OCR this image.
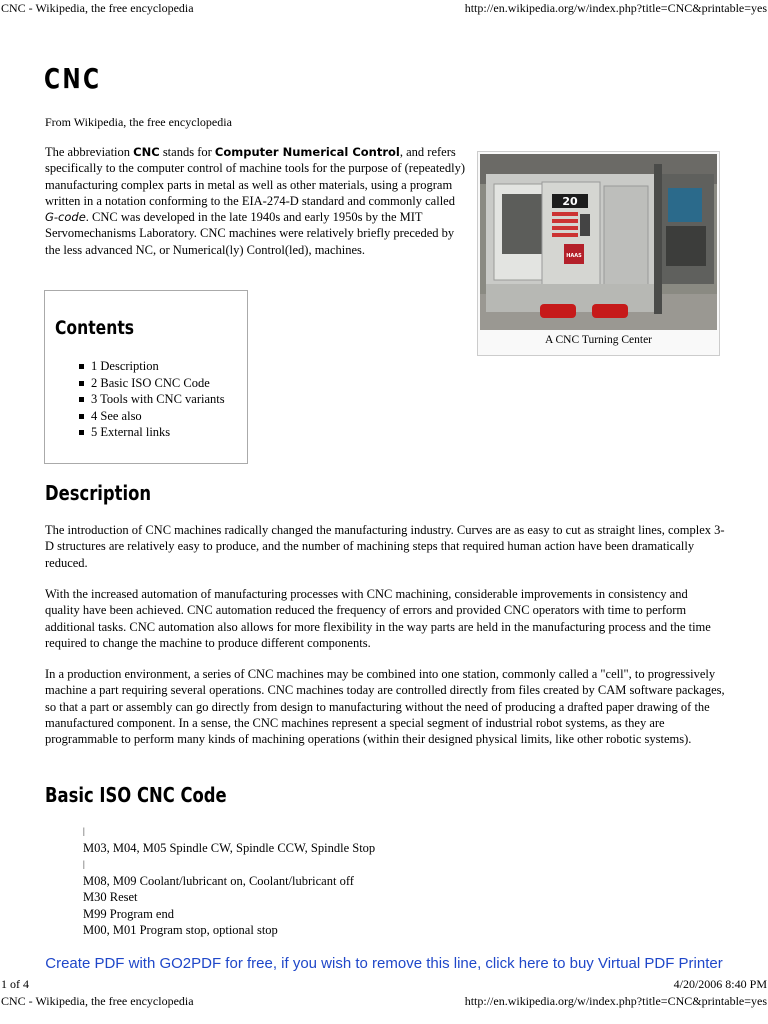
CNC - Wikipedia, the free encyclopedia	http://en.wikipedia.org/w/index.php?title=CNC&printable=yes
CNC
From Wikipedia, the free encyclopedia
The abbreviation CNC stands for Computer Numerical Control, and refers specifically to the computer control of machine tools for the purpose of (repeatedly) manufacturing complex parts in metal as well as other materials, using a program written in a notation conforming to the EIA-274-D standard and commonly called G-code. CNC was developed in the late 1940s and early 1950s by the MIT Servomechanisms Laboratory. CNC machines were relatively briefly preceded by the less advanced NC, or Numerical(ly) Control(led), machines.
20
HAAS
A CNC Turning Center
Contents
1 Description
2 Basic ISO CNC Code
3 Tools with CNC variants
4 See also
5 External links
Description

The introduction of CNC machines radically changed the manufacturing industry. Curves are as easy to cut as straight lines, complex 3-D structures are relatively easy to produce, and the number of machining steps that required human action have been dramatically reduced.

With the increased automation of manufacturing processes with CNC machining, considerable improvements in consistency and quality have been achieved. CNC automation reduced the frequency of errors and provided CNC operators with time to perform additional tasks. CNC automation also allows for more flexibility in the way parts are held in the manufacturing process and the time required to change the machine to produce different components.

In a production environment, a series of CNC machines may be combined into one station, commonly called a "cell", to progressively machine a part requiring several operations. CNC machines today are controlled directly from files created by CAM software packages, so that a part or assembly can go directly from design to manufacturing without the need of producing a drafted paper drawing of the manufactured component. In a sense, the CNC machines represent a special segment of industrial robot systems, as they are programmable to perform many kinds of machining operations (within their designed physical limits, like other robotic systems).

Basic ISO CNC Code
|
M03, M04, M05 Spindle CW, Spindle CCW, Spindle Stop
|
M08, M09 Coolant/lubricant on, Coolant/lubricant off
M30 Reset
M99 Program end
M00, M01 Program stop, optional stop
Create PDF with GO2PDF for free, if you wish to remove this line, click here to buy Virtual PDF Printer
1 of 4	4/20/2006 8:40 PM
CNC - Wikipedia, the free encyclopedia	http://en.wikipedia.org/w/index.php?title=CNC&printable=yes
